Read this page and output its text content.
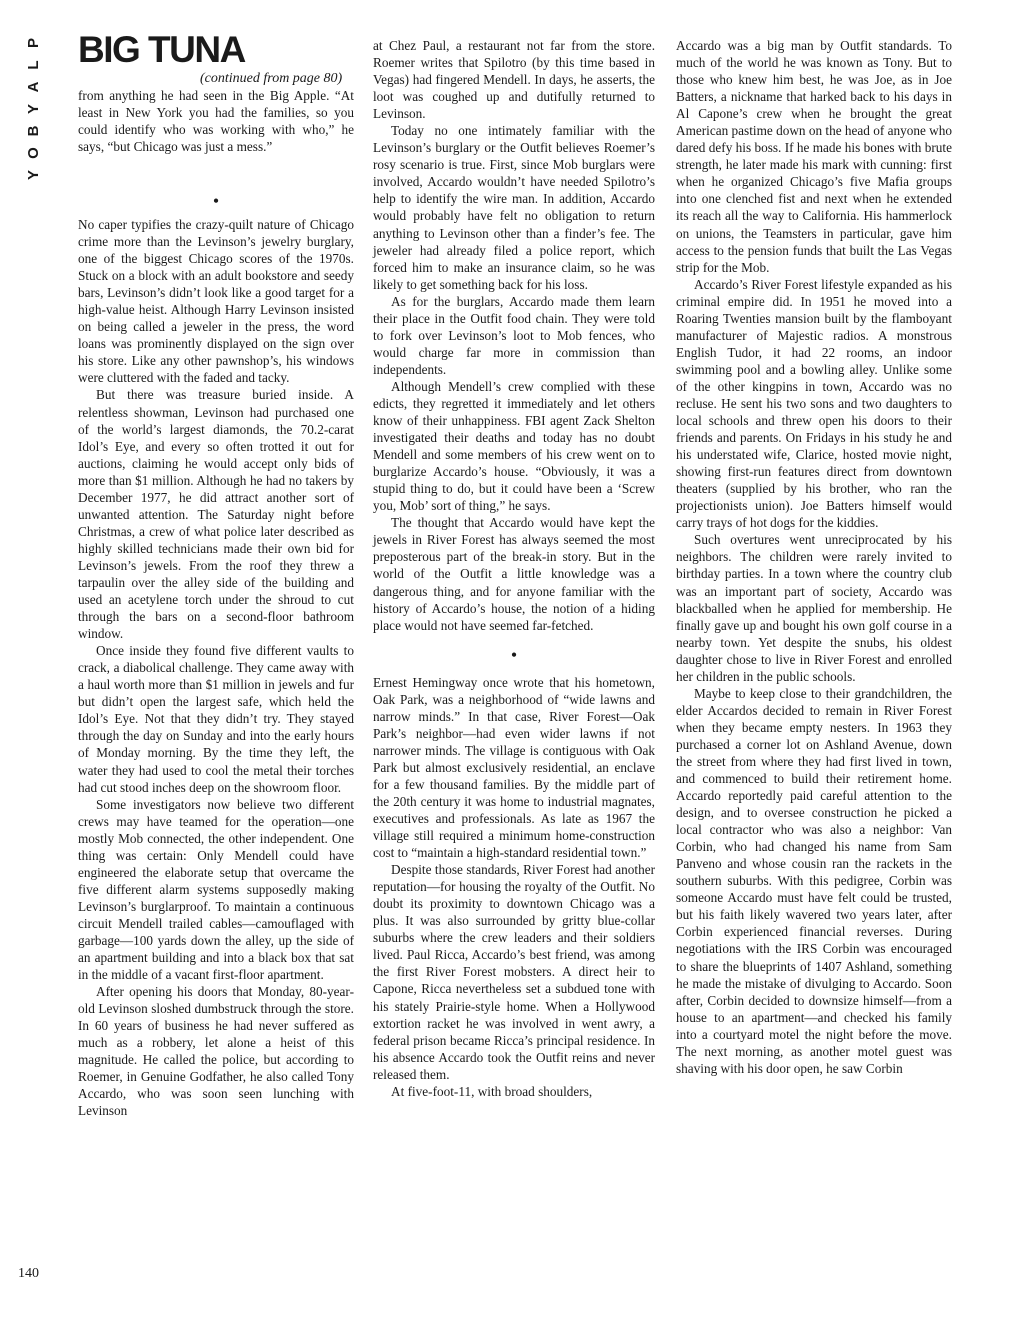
P
L
A
Y
B
O
Y
BIG TUNA
(continued from page 80)

from anything he had seen in the Big Apple. “At least in New York you had the families, so you could identify who was working with who,” he says, “but Chicago was just a mess.”

•

No caper typifies the crazy-quilt nature of Chicago crime more than the Levinson’s jewelry burglary, one of the biggest Chicago scores of the 1970s. Stuck on a block with an adult bookstore and seedy bars, Levinson’s didn’t look like a good target for a high-value heist. Although Harry Levinson insisted on being called a jeweler in the press, the word loans was prominently displayed on the sign over his store. Like any other pawnshop’s, his windows were cluttered with the faded and tacky.

But there was treasure buried inside. A relentless showman, Levinson had purchased one of the world’s largest diamonds, the 70.2-carat Idol’s Eye, and every so often trotted it out for auctions, claiming he would accept only bids of more than $1 million. Although he had no takers by December 1977, he did attract another sort of unwanted attention. The Saturday night before Christmas, a crew of what police later described as highly skilled technicians made their own bid for Levinson’s jewels. From the roof they threw a tarpaulin over the alley side of the building and used an acetylene torch under the shroud to cut through the bars on a second-floor bathroom window.

Once inside they found five different vaults to crack, a diabolical challenge. They came away with a haul worth more than $1 million in jewels and fur but didn’t open the largest safe, which held the Idol’s Eye. Not that they didn’t try. They stayed through the day on Sunday and into the early hours of Monday morning. By the time they left, the water they had used to cool the metal their torches had cut stood inches deep on the showroom floor.

Some investigators now believe two different crews may have teamed for the operation—one mostly Mob connected, the other independent. One thing was certain: Only Mendell could have engineered the elaborate setup that overcame the five different alarm systems supposedly making Levinson’s burglarproof. To maintain a continuous circuit Mendell trailed cables—camouflaged with garbage—100 yards down the alley, up the side of an apartment building and into a black box that sat in the middle of a vacant first-floor apartment.

After opening his doors that Monday, 80-year-old Levinson sloshed dumbstruck through the store. In 60 years of business he had never suffered as much as a robbery, let alone a heist of this magnitude. He called the police, but according to Roemer, in Genuine Godfather, he also called Tony Accardo, who was soon seen lunching with Levinson

at Chez Paul, a restaurant not far from the store. Roemer writes that Spilotro (by this time based in Vegas) had fingered Mendell. In days, he asserts, the loot was coughed up and dutifully returned to Levinson.

Today no one intimately familiar with the Levinson’s burglary or the Outfit believes Roemer’s rosy scenario is true. First, since Mob burglars were involved, Accardo wouldn’t have needed Spilotro’s help to identify the wire man. In addition, Accardo would probably have felt no obligation to return anything to Levinson other than a finder’s fee. The jeweler had already filed a police report, which forced him to make an insurance claim, so he was likely to get something back for his loss.

As for the burglars, Accardo made them learn their place in the Outfit food chain. They were told to fork over Levinson’s loot to Mob fences, who would charge far more in commission than independents.

Although Mendell’s crew complied with these edicts, they regretted it immediately and let others know of their unhappiness. FBI agent Zack Shelton investigated their deaths and today has no doubt Mendell and some members of his crew went on to burglarize Accardo’s house. “Obviously, it was a stupid thing to do, but it could have been a ‘Screw you, Mob’ sort of thing,” he says.

The thought that Accardo would have kept the jewels in River Forest has always seemed the most preposterous part of the break-in story. But in the world of the Outfit a little knowledge was a dangerous thing, and for anyone familiar with the history of Accardo’s house, the notion of a hiding place would not have seemed far-fetched.

•

Ernest Hemingway once wrote that his hometown, Oak Park, was a neighborhood of “wide lawns and narrow minds.” In that case, River Forest—Oak Park’s neighbor—had even wider lawns if not narrower minds. The village is contiguous with Oak Park but almost exclusively residential, an enclave for a few thousand families. By the middle part of the 20th century it was home to industrial magnates, executives and professionals. As late as 1967 the village still required a minimum home-construction cost to “maintain a high-standard residential town.”

Despite those standards, River Forest had another reputation—for housing the royalty of the Outfit. No doubt its proximity to downtown Chicago was a plus. It was also surrounded by gritty blue-collar suburbs where the crew leaders and their soldiers lived. Paul Ricca, Accardo’s best friend, was among the first River Forest mobsters. A direct heir to Capone, Ricca nevertheless set a subdued tone with his stately Prairie-style home. When a Hollywood extortion racket he was involved in went awry, a federal prison became Ricca’s principal residence. In his absence Accardo took the Outfit reins and never released them.

At five-foot-11, with broad shoulders,

Accardo was a big man by Outfit standards. To much of the world he was known as Tony. But to those who knew him best, he was Joe, as in Joe Batters, a nickname that harked back to his days in Al Capone’s crew when he brought the great American pastime down on the head of anyone who dared defy his boss. If he made his bones with brute strength, he later made his mark with cunning: first when he organized Chicago’s five Mafia groups into one clenched fist and next when he extended its reach all the way to California. His hammerlock on unions, the Teamsters in particular, gave him access to the pension funds that built the Las Vegas strip for the Mob.

Accardo’s River Forest lifestyle expanded as his criminal empire did. In 1951 he moved into a Roaring Twenties mansion built by the flamboyant manufacturer of Majestic radios. A monstrous English Tudor, it had 22 rooms, an indoor swimming pool and a bowling alley. Unlike some of the other kingpins in town, Accardo was no recluse. He sent his two sons and two daughters to local schools and threw open his doors to their friends and parents. On Fridays in his study he and his understated wife, Clarice, hosted movie night, showing first-run features direct from downtown theaters (supplied by his brother, who ran the projectionists union). Joe Batters himself would carry trays of hot dogs for the kiddies.

Such overtures went unreciprocated by his neighbors. The children were rarely invited to birthday parties. In a town where the country club was an important part of society, Accardo was blackballed when he applied for membership. He finally gave up and bought his own golf course in a nearby town. Yet despite the snubs, his oldest daughter chose to live in River Forest and enrolled her children in the public schools.

Maybe to keep close to their grandchildren, the elder Accardos decided to remain in River Forest when they became empty nesters. In 1963 they purchased a corner lot on Ashland Avenue, down the street from where they had first lived in town, and commenced to build their retirement home. Accardo reportedly paid careful attention to the design, and to oversee construction he picked a local contractor who was also a neighbor: Van Corbin, who had changed his name from Sam Panveno and whose cousin ran the rackets in the southern suburbs. With this pedigree, Corbin was someone Accardo must have felt could be trusted, but his faith likely wavered two years later, after Corbin experienced financial reverses. During negotiations with the IRS Corbin was encouraged to share the blueprints of 1407 Ashland, something he made the mistake of divulging to Accardo. Soon after, Corbin decided to downsize himself—from a house to an apartment—and checked his family into a courtyard motel the night before the move. The next morning, as another motel guest was shaving with his door open, he saw Corbin

140
